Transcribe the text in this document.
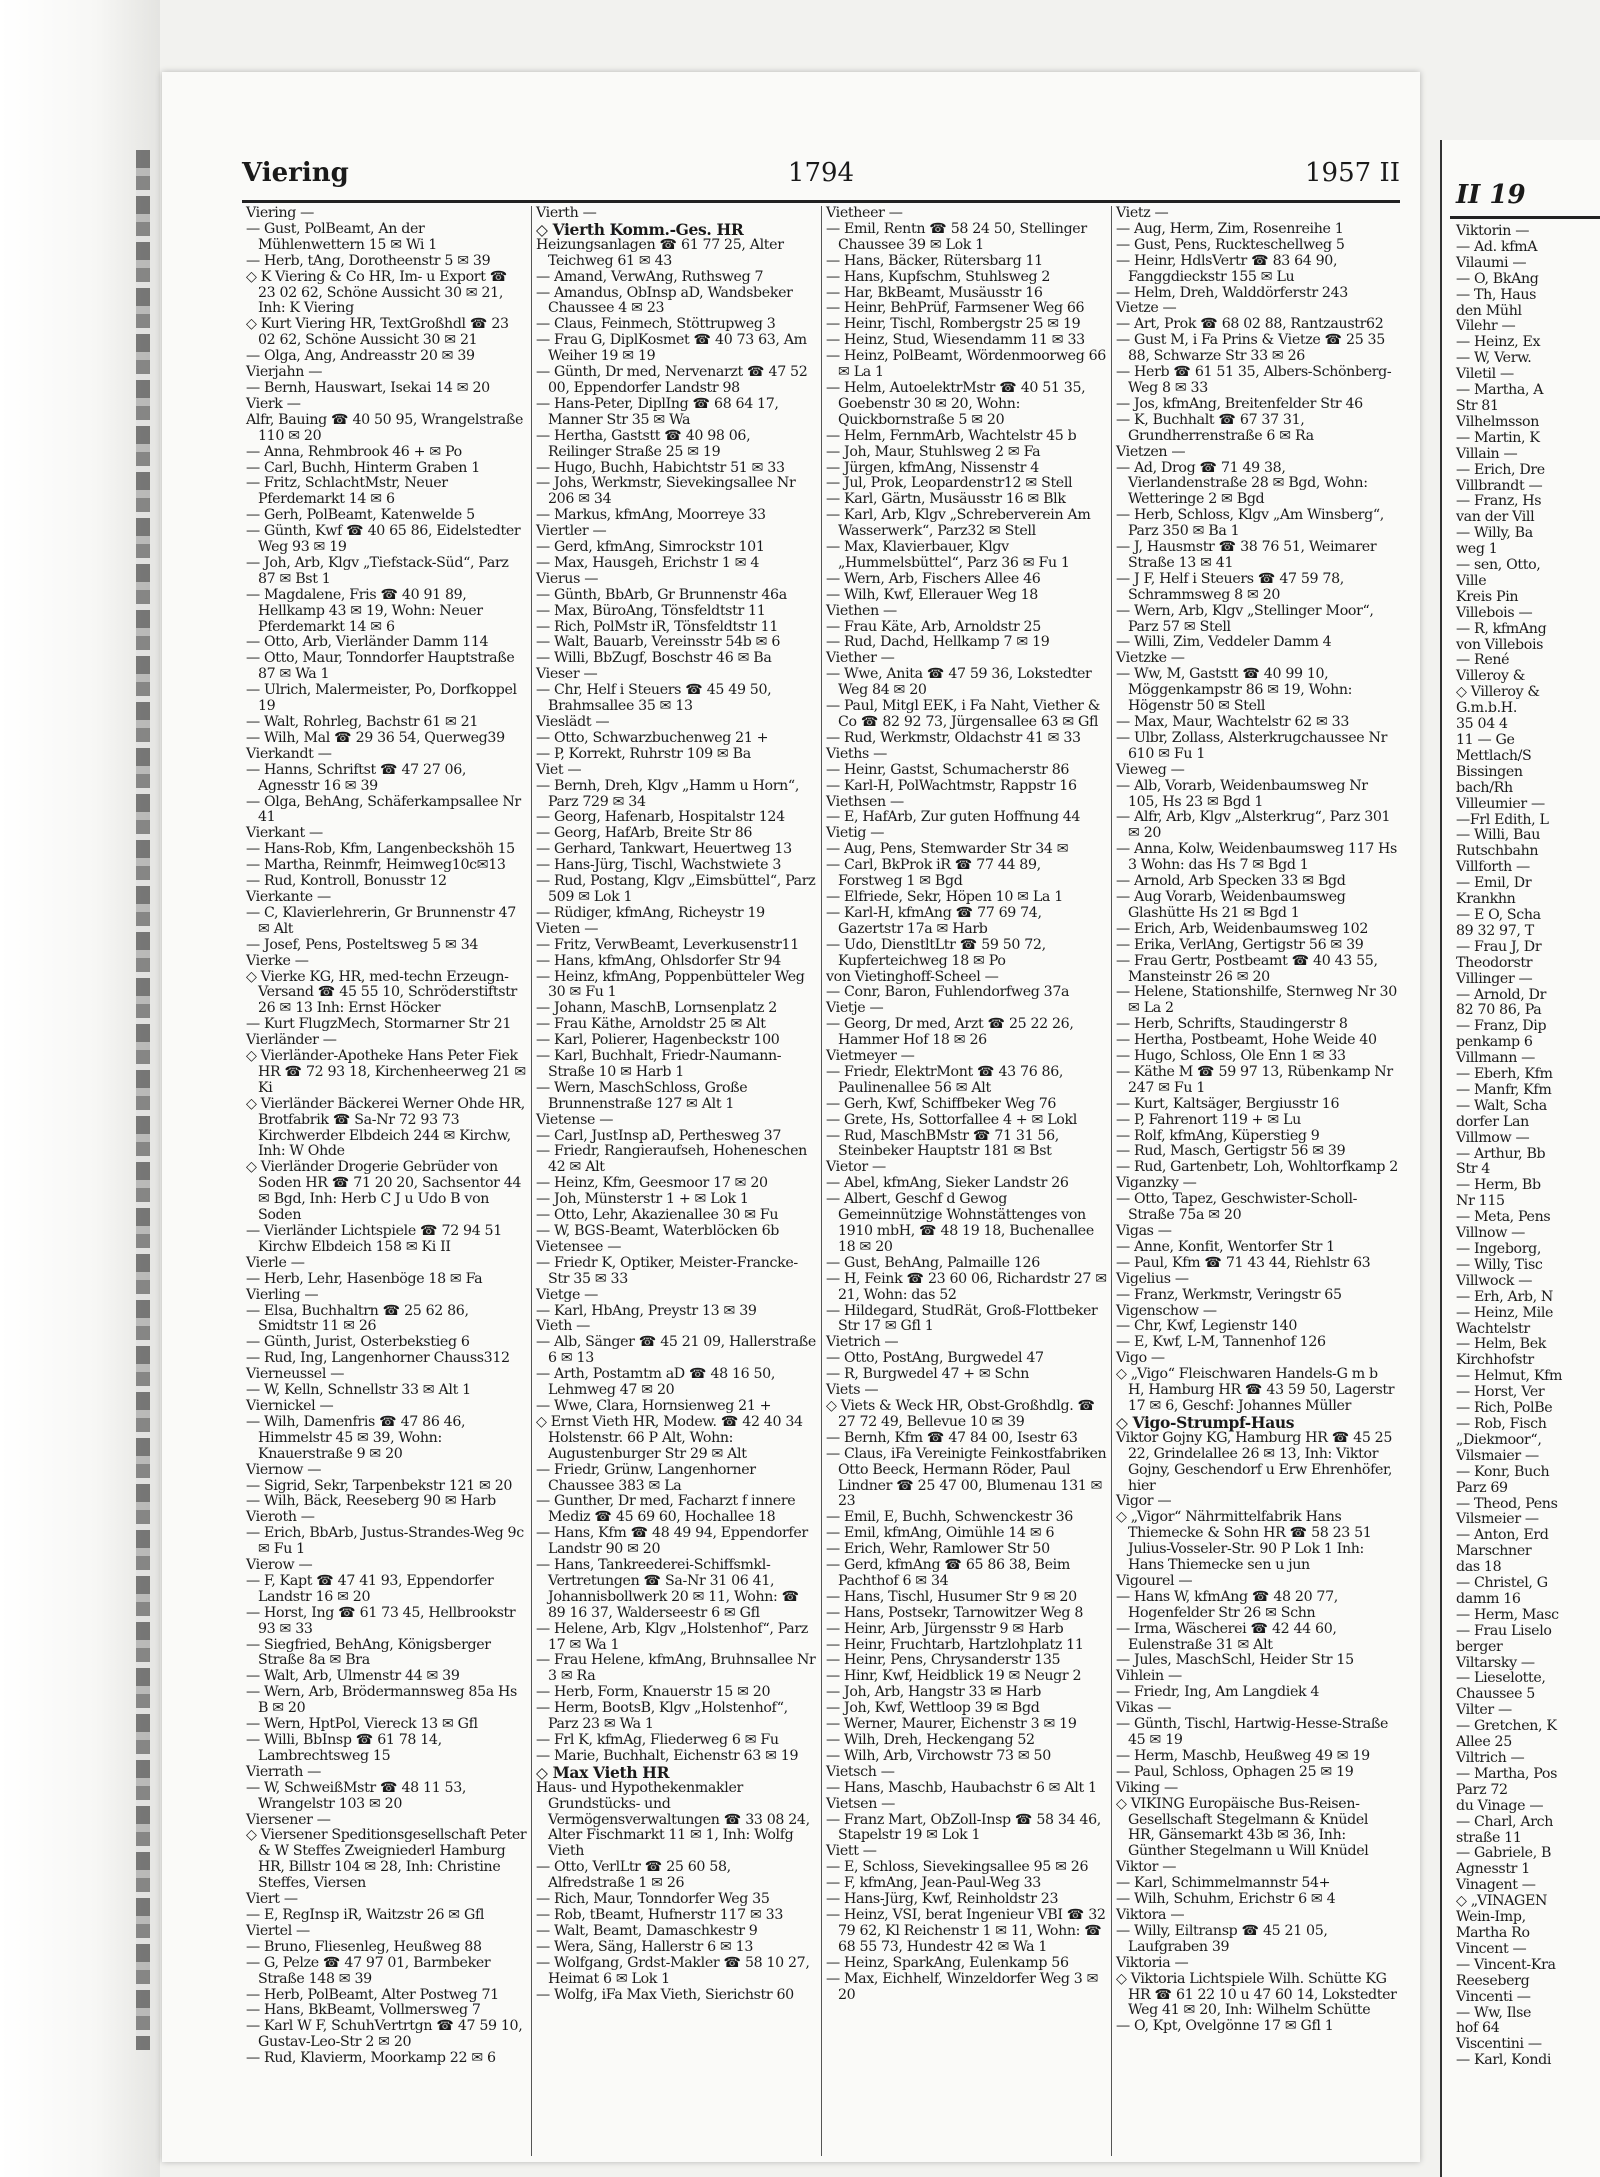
Viering	1794	1957 II

Viering —

— Gust, PolBeamt, An der Mühlenwettern 15 ✉ Wi 1

— Herb, tAng, Dorotheenstr 5 ✉ 39

◇ K Viering & Co HR, Im- u Export ☎ 23 02 62, Schöne Aussicht 30 ✉ 21, Inh: K Viering

◇ Kurt Viering HR, TextGroßhdl ☎ 23 02 62, Schöne Aussicht 30 ✉ 21

— Olga, Ang, Andreasstr 20 ✉ 39

Vierjahn —

— Bernh, Hauswart, Isekai 14 ✉ 20

Vierk —

Alfr, Bauing ☎ 40 50 95, Wrangelstraße 110 ✉ 20

— Anna, Rehmbrook 46 + ✉ Po

— Carl, Buchh, Hinterm Graben 1

— Fritz, SchlachtMstr, Neuer Pferdemarkt 14 ✉ 6

— Gerh, PolBeamt, Katenwelde 5

— Günth, Kwf ☎ 40 65 86, Eidelstedter Weg 93 ✉ 19

— Joh, Arb, Klgv „Tiefstack-Süd“, Parz 87 ✉ Bst 1

— Magdalene, Fris ☎ 40 91 89, Hellkamp 43 ✉ 19, Wohn: Neuer Pferdemarkt 14 ✉ 6

— Otto, Arb, Vierländer Damm 114

— Otto, Maur, Tonndorfer Hauptstraße 87 ✉ Wa 1

— Ulrich, Malermeister, Po, Dorfkoppel 19

— Walt, Rohrleg, Bachstr 61 ✉ 21

— Wilh, Mal ☎ 29 36 54, Querweg39

Vierkandt —

— Hanns, Schriftst ☎ 47 27 06, Agnesstr 16 ✉ 39

— Olga, BehAng, Schäferkampsallee Nr 41

Vierkant —

— Hans-Rob, Kfm, Langenbeckshöh 15

— Martha, Reinmfr, Heimweg10c✉13

— Rud, Kontroll, Bonusstr 12

Vierkante —

— C, Klavierlehrerin, Gr Brunnenstr 47 ✉ Alt

— Josef, Pens, Posteltsweg 5 ✉ 34

Vierke —

◇ Vierke KG, HR, med-techn Erzeugn-Versand ☎ 45 55 10, Schröderstiftstr 26 ✉ 13 Inh: Ernst Höcker

— Kurt FlugzMech, Stormarner Str 21

Vierländer —

◇ Vierländer-Apotheke Hans Peter Fiek HR ☎ 72 93 18, Kirchenheerweg 21 ✉ Ki

◇ Vierländer Bäckerei Werner Ohde HR, Brotfabrik ☎ Sa-Nr 72 93 73 Kirchwerder Elbdeich 244 ✉ Kirchw, Inh: W Ohde

◇ Vierländer Drogerie Gebrüder von Soden HR ☎ 71 20 20, Sachsentor 44 ✉ Bgd, Inh: Herb C J u Udo B von Soden

— Vierländer Lichtspiele ☎ 72 94 51 Kirchw Elbdeich 158 ✉ Ki II

Vierle —

— Herb, Lehr, Hasenböge 18 ✉ Fa

Vierling —

— Elsa, Buchhaltrn ☎ 25 62 86, Smidtstr 11 ✉ 26

— Günth, Jurist, Osterbekstieg 6

— Rud, Ing, Langenhorner Chauss312

Vierneussel —

— W, Kelln, Schnellstr 33 ✉ Alt 1

Viernickel —

— Wilh, Damenfris ☎ 47 86 46, Himmelstr 45 ✉ 39, Wohn: Knauerstraße 9 ✉ 20

Viernow —

— Sigrid, Sekr, Tarpenbekstr 121 ✉ 20

— Wilh, Bäck, Reeseberg 90 ✉ Harb

Vieroth —

— Erich, BbArb, Justus-Strandes-Weg 9c ✉ Fu 1

Vierow —

— F, Kapt ☎ 47 41 93, Eppendorfer Landstr 16 ✉ 20

— Horst, Ing ☎ 61 73 45, Hellbrookstr 93 ✉ 33

— Siegfried, BehAng, Königsberger Straße 8a ✉ Bra

— Walt, Arb, Ulmenstr 44 ✉ 39

— Wern, Arb, Brödermannsweg 85a Hs B ✉ 20

— Wern, HptPol, Viereck 13 ✉ Gfl

— Willi, BbInsp ☎ 61 78 14, Lambrechtsweg 15

Vierrath —

— W, SchweißMstr ☎ 48 11 53, Wrangelstr 103 ✉ 20

Viersener —

◇ Viersener Speditionsgesellschaft Peter & W Steffes Zweigniederl Hamburg HR, Billstr 104 ✉ 28, Inh: Christine Steffes, Viersen

Viert —

— E, RegInsp iR, Waitzstr 26 ✉ Gfl

Viertel —

— Bruno, Fliesenleg, Heußweg 88

— G, Pelze ☎ 47 97 01, Barmbeker Straße 148 ✉ 39

— Herb, PolBeamt, Alter Postweg 71

— Hans, BkBeamt, Vollmersweg 7

— Karl W F, SchuhVertrtgn ☎ 47 59 10, Gustav-Leo-Str 2 ✉ 20

— Rud, Klavierm, Moorkamp 22 ✉ 6

Vierth —

◇ Vierth Komm.-Ges. HR

Heizungsanlagen ☎ 61 77 25, Alter Teichweg 61 ✉ 43

— Amand, VerwAng, Ruthsweg 7

— Amandus, ObInsp aD, Wandsbeker Chaussee 4 ✉ 23

— Claus, Feinmech, Stöttrupweg 3

— Frau G, DiplKosmet ☎ 40 73 63, Am Weiher 19 ✉ 19

— Günth, Dr med, Nervenarzt ☎ 47 52 00, Eppendorfer Landstr 98

— Hans-Peter, DiplIng ☎ 68 64 17, Manner Str 35 ✉ Wa

— Hertha, Gaststt ☎ 40 98 06, Reilinger Straße 25 ✉ 19

— Hugo, Buchh, Habichtstr 51 ✉ 33

— Johs, Werkmstr, Sievekingsallee Nr 206 ✉ 34

— Markus, kfmAng, Moorreye 33

Viertler —

— Gerd, kfmAng, Simrockstr 101

— Max, Hausgeh, Erichstr 1 ✉ 4

Vierus —

— Günth, BbArb, Gr Brunnenstr 46a

— Max, BüroAng, Tönsfeldtstr 11

— Rich, PolMstr iR, Tönsfeldtstr 11

— Walt, Bauarb, Vereinsstr 54b ✉ 6

— Willi, BbZugf, Boschstr 46 ✉ Ba

Vieser —

— Chr, Helf i Steuers ☎ 45 49 50, Brahmsallee 35 ✉ 13

Vieslädt —

— Otto, Schwarzbuchenweg 21 +

— P, Korrekt, Ruhrstr 109 ✉ Ba

Viet —

— Bernh, Dreh, Klgv „Hamm u Horn“, Parz 729 ✉ 34

— Georg, Hafenarb, Hospitalstr 124

— Georg, HafArb, Breite Str 86

— Gerhard, Tankwart, Heuertweg 13

— Hans-Jürg, Tischl, Wachstwiete 3

— Rud, Postang, Klgv „Eimsbüttel“, Parz 509 ✉ Lok 1

— Rüdiger, kfmAng, Richeystr 19

Vieten —

— Fritz, VerwBeamt, Leverkusenstr11

— Hans, kfmAng, Ohlsdorfer Str 94

— Heinz, kfmAng, Poppenbütteler Weg 30 ✉ Fu 1

— Johann, MaschB, Lornsenplatz 2

— Frau Käthe, Arnoldstr 25 ✉ Alt

— Karl, Polierer, Hagenbeckstr 100

— Karl, Buchhalt, Friedr-Naumann-Straße 10 ✉ Harb 1

— Wern, MaschSchloss, Große Brunnenstraße 127 ✉ Alt 1

Vietense —

— Carl, JustInsp aD, Perthesweg 37

— Friedr, Rangieraufseh, Hoheneschen 42 ✉ Alt

— Heinz, Kfm, Geesmoor 17 ✉ 20

— Joh, Münsterstr 1 + ✉ Lok 1

— Otto, Lehr, Akazienallee 30 ✉ Fu

— W, BGS-Beamt, Waterblöcken 6b

Vietensee —

— Friedr K, Optiker, Meister-Francke-Str 35 ✉ 33

Vietge —

— Karl, HbAng, Preystr 13 ✉ 39

Vieth —

— Alb, Sänger ☎ 45 21 09, Hallerstraße 6 ✉ 13

— Arth, Postamtm aD ☎ 48 16 50, Lehmweg 47 ✉ 20

— Wwe, Clara, Hornsienweg 21 +

◇ Ernst Vieth HR, Modew. ☎ 42 40 34 Holstenstr. 66 P Alt, Wohn: Augustenburger Str 29 ✉ Alt

— Friedr, Grünw, Langenhorner Chaussee 383 ✉ La

— Gunther, Dr med, Facharzt f innere Mediz ☎ 45 69 60, Hochallee 18

— Hans, Kfm ☎ 48 49 94, Eppendorfer Landstr 90 ✉ 20

— Hans, Tankreederei-Schiffsmkl-Vertretungen ☎ Sa-Nr 31 06 41, Johannisbollwerk 20 ✉ 11, Wohn: ☎ 89 16 37, Walderseestr 6 ✉ Gfl

— Helene, Arb, Klgv „Holstenhof“, Parz 17 ✉ Wa 1

— Frau Helene, kfmAng, Bruhnsallee Nr 3 ✉ Ra

— Herb, Form, Knauerstr 15 ✉ 20

— Herm, BootsB, Klgv „Holstenhof“, Parz 23 ✉ Wa 1

— Frl K, kfmAg, Fliederweg 6 ✉ Fu

— Marie, Buchhalt, Eichenstr 63 ✉ 19

◇ Max Vieth HR

Haus- und Hypothekenmakler Grundstücks- und Vermögensverwaltungen ☎ 33 08 24, Alter Fischmarkt 11 ✉ 1, Inh: Wolfg Vieth

— Otto, VerlLtr ☎ 25 60 58, Alfredstraße 1 ✉ 26

— Rich, Maur, Tonndorfer Weg 35

— Rob, tBeamt, Hufnerstr 117 ✉ 33

— Walt, Beamt, Damaschkestr 9

— Wera, Säng, Hallerstr 6 ✉ 13

— Wolfgang, Grdst-Makler ☎ 58 10 27, Heimat 6 ✉ Lok 1

— Wolfg, iFa Max Vieth, Sierichstr 60

Vietheer —

— Emil, Rentn ☎ 58 24 50, Stellinger Chaussee 39 ✉ Lok 1

— Hans, Bäcker, Rütersbarg 11

— Hans, Kupfschm, Stuhlsweg 2

— Har, BkBeamt, Musäusstr 16

— Heinr, BehPrüf, Farmsener Weg 66

— Heinr, Tischl, Rombergstr 25 ✉ 19

— Heinz, Stud, Wiesendamm 11 ✉ 33

— Heinz, PolBeamt, Wördenmoorweg 66 ✉ La 1

— Helm, AutoelektrMstr ☎ 40 51 35, Goebenstr 30 ✉ 20, Wohn: Quickbornstraße 5 ✉ 20

— Helm, FernmArb, Wachtelstr 45 b

— Joh, Maur, Stuhlsweg 2 ✉ Fa

— Jürgen, kfmAng, Nissenstr 4

— Jul, Prok, Leopardenstr12 ✉ Stell

— Karl, Gärtn, Musäusstr 16 ✉ Blk

— Karl, Arb, Klgv „Schreberverein Am Wasserwerk“, Parz32 ✉ Stell

— Max, Klavierbauer, Klgv „Hummelsbüttel“, Parz 36 ✉ Fu 1

— Wern, Arb, Fischers Allee 46

— Wilh, Kwf, Ellerauer Weg 18

Viethen —

— Frau Käte, Arb, Arnoldstr 25

— Rud, Dachd, Hellkamp 7 ✉ 19

Viether —

— Wwe, Anita ☎ 47 59 36, Lokstedter Weg 84 ✉ 20

— Paul, Mitgl EEK, i Fa Naht, Viether & Co ☎ 82 92 73, Jürgensallee 63 ✉ Gfl

— Rud, Werkmstr, Oldachstr 41 ✉ 33

Vieths —

— Heinr, Gastst, Schumacherstr 86

— Karl-H, PolWachtmstr, Rappstr 16

Viethsen —

— E, HafArb, Zur guten Hoffnung 44

Vietig —

— Aug, Pens, Stemwarder Str 34 ✉

— Carl, BkProk iR ☎ 77 44 89, Forstweg 1 ✉ Bgd

— Elfriede, Sekr, Höpen 10 ✉ La 1

— Karl-H, kfmAng ☎ 77 69 74, Gazertstr 17a ✉ Harb

— Udo, DienstltLtr ☎ 59 50 72, Kupferteichweg 18 ✉ Po

von Vietinghoff-Scheel —

— Conr, Baron, Fuhlendorfweg 37a

Vietje —

— Georg, Dr med, Arzt ☎ 25 22 26, Hammer Hof 18 ✉ 26

Vietmeyer —

— Friedr, ElektrMont ☎ 43 76 86, Paulinenallee 56 ✉ Alt

— Gerh, Kwf, Schiffbeker Weg 76

— Grete, Hs, Sottorfallee 4 + ✉ Lokl

— Rud, MaschBMstr ☎ 71 31 56, Steinbeker Hauptstr 181 ✉ Bst

Vietor —

— Abel, kfmAng, Sieker Landstr 26

— Albert, Geschf d Gewog Gemeinnützige Wohnstättenges von 1910 mbH, ☎ 48 19 18, Buchenallee 18 ✉ 20

— Gust, BehAng, Palmaille 126

— H, Feink ☎ 23 60 06, Richardstr 27 ✉ 21, Wohn: das 52

— Hildegard, StudRät, Groß-Flottbeker Str 17 ✉ Gfl 1

Vietrich —

— Otto, PostAng, Burgwedel 47

— R, Burgwedel 47 + ✉ Schn

Viets —

◇ Viets & Weck HR, Obst-Großhdlg. ☎ 27 72 49, Bellevue 10 ✉ 39

— Bernh, Kfm ☎ 47 84 00, Isestr 63

— Claus, iFa Vereinigte Feinkostfabriken Otto Beeck, Hermann Röder, Paul Lindner ☎ 25 47 00, Blumenau 131 ✉ 23

— Emil, E, Buchh, Schwenckestr 36

— Emil, kfmAng, Oimühle 14 ✉ 6

— Erich, Wehr, Ramlower Str 50

— Gerd, kfmAng ☎ 65 86 38, Beim Pachthof 6 ✉ 34

— Hans, Tischl, Husumer Str 9 ✉ 20

— Hans, Postsekr, Tarnowitzer Weg 8

— Heinr, Arb, Jürgensstr 9 ✉ Harb

— Heinr, Fruchtarb, Hartzlohplatz 11

— Heinr, Pens, Chrysanderstr 135

— Hinr, Kwf, Heidblick 19 ✉ Neugr 2

— Joh, Arb, Hangstr 33 ✉ Harb

— Joh, Kwf, Wettloop 39 ✉ Bgd

— Werner, Maurer, Eichenstr 3 ✉ 19

— Wilh, Dreh, Heckengang 52

— Wilh, Arb, Virchowstr 73 ✉ 50

Vietsch —

— Hans, Maschb, Haubachstr 6 ✉ Alt 1

Vietsen —

— Franz Mart, ObZoll-Insp ☎ 58 34 46, Stapelstr 19 ✉ Lok 1

Viett —

— E, Schloss, Sievekingsallee 95 ✉ 26

— F, kfmAng, Jean-Paul-Weg 33

— Hans-Jürg, Kwf, Reinholdstr 23

— Heinz, VSI, berat Ingenieur VBI ☎ 32 79 62, Kl Reichenstr 1 ✉ 11, Wohn: ☎ 68 55 73, Hundestr 42 ✉ Wa 1

— Heinz, SparkAng, Eulenkamp 56

— Max, Eichhelf, Winzeldorfer Weg 3 ✉ 20

Vietz —

— Aug, Herm, Zim, Rosenreihe 1

— Gust, Pens, Ruckteschellweg 5

— Heinr, HdlsVertr ☎ 83 64 90, Fanggdieckstr 155 ✉ Lu

— Helm, Dreh, Walddörferstr 243

Vietze —

— Art, Prok ☎ 68 02 88, Rantzaustr62

— Gust M, i Fa Prins & Vietze ☎ 25 35 88, Schwarze Str 33 ✉ 26

— Herb ☎ 61 51 35, Albers-Schönberg-Weg 8 ✉ 33

— Jos, kfmAng, Breitenfelder Str 46

— K, Buchhalt ☎ 67 37 31, Grundherrenstraße 6 ✉ Ra

Vietzen —

— Ad, Drog ☎ 71 49 38, Vierlandenstraße 28 ✉ Bgd, Wohn: Wetteringe 2 ✉ Bgd

— Herb, Schloss, Klgv „Am Winsberg“, Parz 350 ✉ Ba 1

— J, Hausmstr ☎ 38 76 51, Weimarer Straße 13 ✉ 41

— J F, Helf i Steuers ☎ 47 59 78, Schrammsweg 8 ✉ 20

— Wern, Arb, Klgv „Stellinger Moor“, Parz 57 ✉ Stell

— Willi, Zim, Veddeler Damm 4

Vietzke —

— Ww, M, Gaststt ☎ 40 99 10, Möggenkampstr 86 ✉ 19, Wohn: Högenstr 50 ✉ Stell

— Max, Maur, Wachtelstr 62 ✉ 33

— Ulbr, Zollass, Alsterkrugchaussee Nr 610 ✉ Fu 1

Vieweg —

— Alb, Vorarb, Weidenbaumsweg Nr 105, Hs 23 ✉ Bgd 1

— Alfr, Arb, Klgv „Alsterkrug“, Parz 301 ✉ 20

— Anna, Kolw, Weidenbaumsweg 117 Hs 3 Wohn: das Hs 7 ✉ Bgd 1

— Arnold, Arb Specken 33 ✉ Bgd

— Aug Vorarb, Weidenbaumsweg Glashütte Hs 21 ✉ Bgd 1

— Erich, Arb, Weidenbaumsweg 102

— Erika, VerlAng, Gertigstr 56 ✉ 39

— Frau Gertr, Postbeamt ☎ 40 43 55, Mansteinstr 26 ✉ 20

— Helene, Stationshilfe, Sternweg Nr 30 ✉ La 2

— Herb, Schrifts, Staudingerstr 8

— Hertha, Postbeamt, Hohe Weide 40

— Hugo, Schloss, Ole Enn 1 ✉ 33

— Käthe M ☎ 59 97 13, Rübenkamp Nr 247 ✉ Fu 1

— Kurt, Kaltsäger, Bergiusstr 16

— P, Fahrenort 119 + ✉ Lu

— Rolf, kfmAng, Küperstieg 9

— Rud, Masch, Gertigstr 56 ✉ 39

— Rud, Gartenbetr, Loh, Wohltorfkamp 2

Viganzky —

— Otto, Tapez, Geschwister-Scholl-Straße 75a ✉ 20

Vigas —

— Anne, Konfit, Wentorfer Str 1

— Paul, Kfm ☎ 71 43 44, Riehlstr 63

Vigelius —

— Franz, Werkmstr, Veringstr 65

Vigenschow —

— Chr, Kwf, Legienstr 140

— E, Kwf, L-M, Tannenhof 126

Vigo —

◇ „Vigo“ Fleischwaren Handels-G m b H, Hamburg HR ☎ 43 59 50, Lagerstr 17 ✉ 6, Geschf: Johannes Müller

◇ Vigo-Strumpf-Haus

Viktor Gojny KG, Hamburg HR ☎ 45 25 22, Grindelallee 26 ✉ 13, Inh: Viktor Gojny, Geschendorf u Erw Ehrenhöfer, hier

Vigor —

◇ „Vigor“ Nährmittelfabrik Hans Thiemecke & Sohn HR ☎ 58 23 51 Julius-Vosseler-Str. 90 P Lok 1 Inh: Hans Thiemecke sen u jun

Vigourel —

— Hans W, kfmAng ☎ 48 20 77, Hogenfelder Str 26 ✉ Schn

— Irma, Wäscherei ☎ 42 44 60, Eulenstraße 31 ✉ Alt

— Jules, MaschSchl, Heider Str 15

Vihlein —

— Friedr, Ing, Am Langdiek 4

Vikas —

— Günth, Tischl, Hartwig-Hesse-Straße 45 ✉ 19

— Herm, Maschb, Heußweg 49 ✉ 19

— Paul, Schloss, Ophagen 25 ✉ 19

Viking —

◇ VIKING Europäische Bus-Reisen-Gesellschaft Stegelmann & Knüdel HR, Gänsemarkt 43b ✉ 36, Inh: Günther Stegelmann u Will Knüdel

Viktor —

— Karl, Schimmelmannstr 54+

— Wilh, Schuhm, Erichstr 6 ✉ 4

Viktora —

— Willy, Eiltransp ☎ 45 21 05, Laufgraben 39

Viktoria —

◇ Viktoria Lichtspiele Wilh. Schütte KG HR ☎ 61 22 10 u 47 60 14, Lokstedter Weg 41 ✉ 20, Inh: Wilhelm Schütte

— O, Kpt, Ovelgönne 17 ✉ Gfl 1

II 19
Viktorin —
— Ad. kfmA
Vilaumi —
— O, BkAng
— Th, Haus
den Mühl
Vilehr —
— Heinz, Ex
— W, Verw.
Viletil —
— Martha, A
Str 81
Vilhelmsson
— Martin, K
Villain —
— Erich, Dre
Villbrandt —
— Franz, Hs
van der Vill
— Willy, Ba
weg 1
— sen, Otto,
Ville
Kreis Pin
Villebois —
— R, kfmAng
von Villebois
— René
Villeroy &
◇ Villeroy &
G.m.b.H.
35 04 4
11 — Ge
Mettlach/S
Bissingen
bach/Rh
Villeumier —
—Frl Edith, L
— Willi, Bau
Rutschbahn
Villforth —
— Emil, Dr
Krankhn
— E O, Scha
89 32 97, T
— Frau J, Dr
Theodorstr
Villinger —
— Arnold, Dr
82 70 86, Pa
— Franz, Dip
penkamp 6
Villmann —
— Eberh, Kfm
— Manfr, Kfm
— Walt, Scha
dorfer Lan
Villmow —
— Arthur, Bb
Str 4
— Herm, Bb
Nr 115
— Meta, Pens
Villnow —
— Ingeborg,
— Willy, Tisc
Villwock —
— Erh, Arb, N
— Heinz, Mile
Wachtelstr
— Helm, Bek
Kirchhofstr
— Helmut, Kfm
— Horst, Ver
— Rich, PolBe
— Rob, Fisch
„Diekmoor“,
Vilsmaier —
— Konr, Buch
Parz 69
— Theod, Pens
Vilsmeier —
— Anton, Erd
Marschner
das 18
— Christel, G
damm 16
— Herm, Masc
— Frau Liselo
berger
Viltarsky —
— Lieselotte,
Chaussee 5
Vilter —
— Gretchen, K
Allee 25
Viltrich —
— Martha, Pos
Parz 72
du Vinage —
— Charl, Arch
straße 11
— Gabriele, B
Agnesstr 1
Vinagent —
◇ „VINAGEN
Wein-Imp,
Martha Ro
Vincent —
— Vincent-Kra
Reeseberg
Vincenti —
— Ww, Ilse
hof 64
Viscentini —
— Karl, Kondi
